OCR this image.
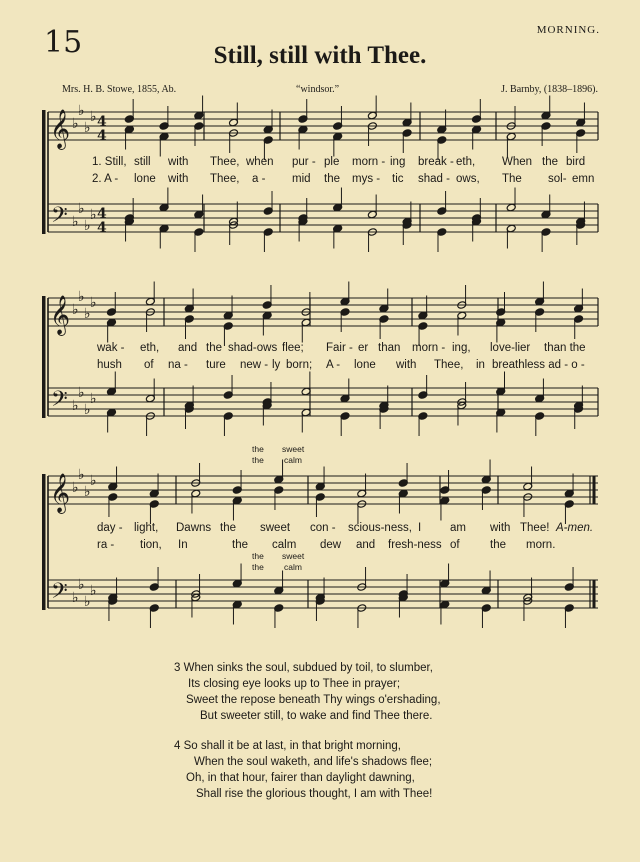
15	MORNING.
Still, still with Thee.
Mrs. H. B. Stowe, 1855, Ab.	“windsor.”	J. Barnby, (1838–1896).
𝄞
𝄢
♭
♭
♭
♭
♭
♭
♭
♭
4
4
4
4
𝄞
𝄢
♭
♭
♭
♭
♭
♭
♭
♭
𝄞
𝄢
♭
♭
♭
♭
♭
♭
♭
♭
1. Still, still with Thee, when pur - ple morn - ing break - eth, When the bird
2. A - lone with Thee, a - mid the mys - tic shad - ows, The sol- emn
wak - eth, and the shad-ows flee; Fair - er than morn - ing, love-lier than the
hush of na - ture new - ly born; A - lone with Thee, in breathless ad - o -
the sweet
the calm
day - light, Dawns the sweet con - scious-ness, I	am with Thee! A-men.
ra - tion, In	the calm dew and fresh-ness of	the morn.
the sweet
the calm
3 When sinks the soul, subdued by toil, to slumber,
Its closing eye looks up to Thee in prayer;
Sweet the repose beneath Thy wings o'ershading,
But sweeter still, to wake and find Thee there.
4 So shall it be at last, in that bright morning,
When the soul waketh, and life's shadows flee;
Oh, in that hour, fairer than daylight dawning,
Shall rise the glorious thought, I am with Thee!
